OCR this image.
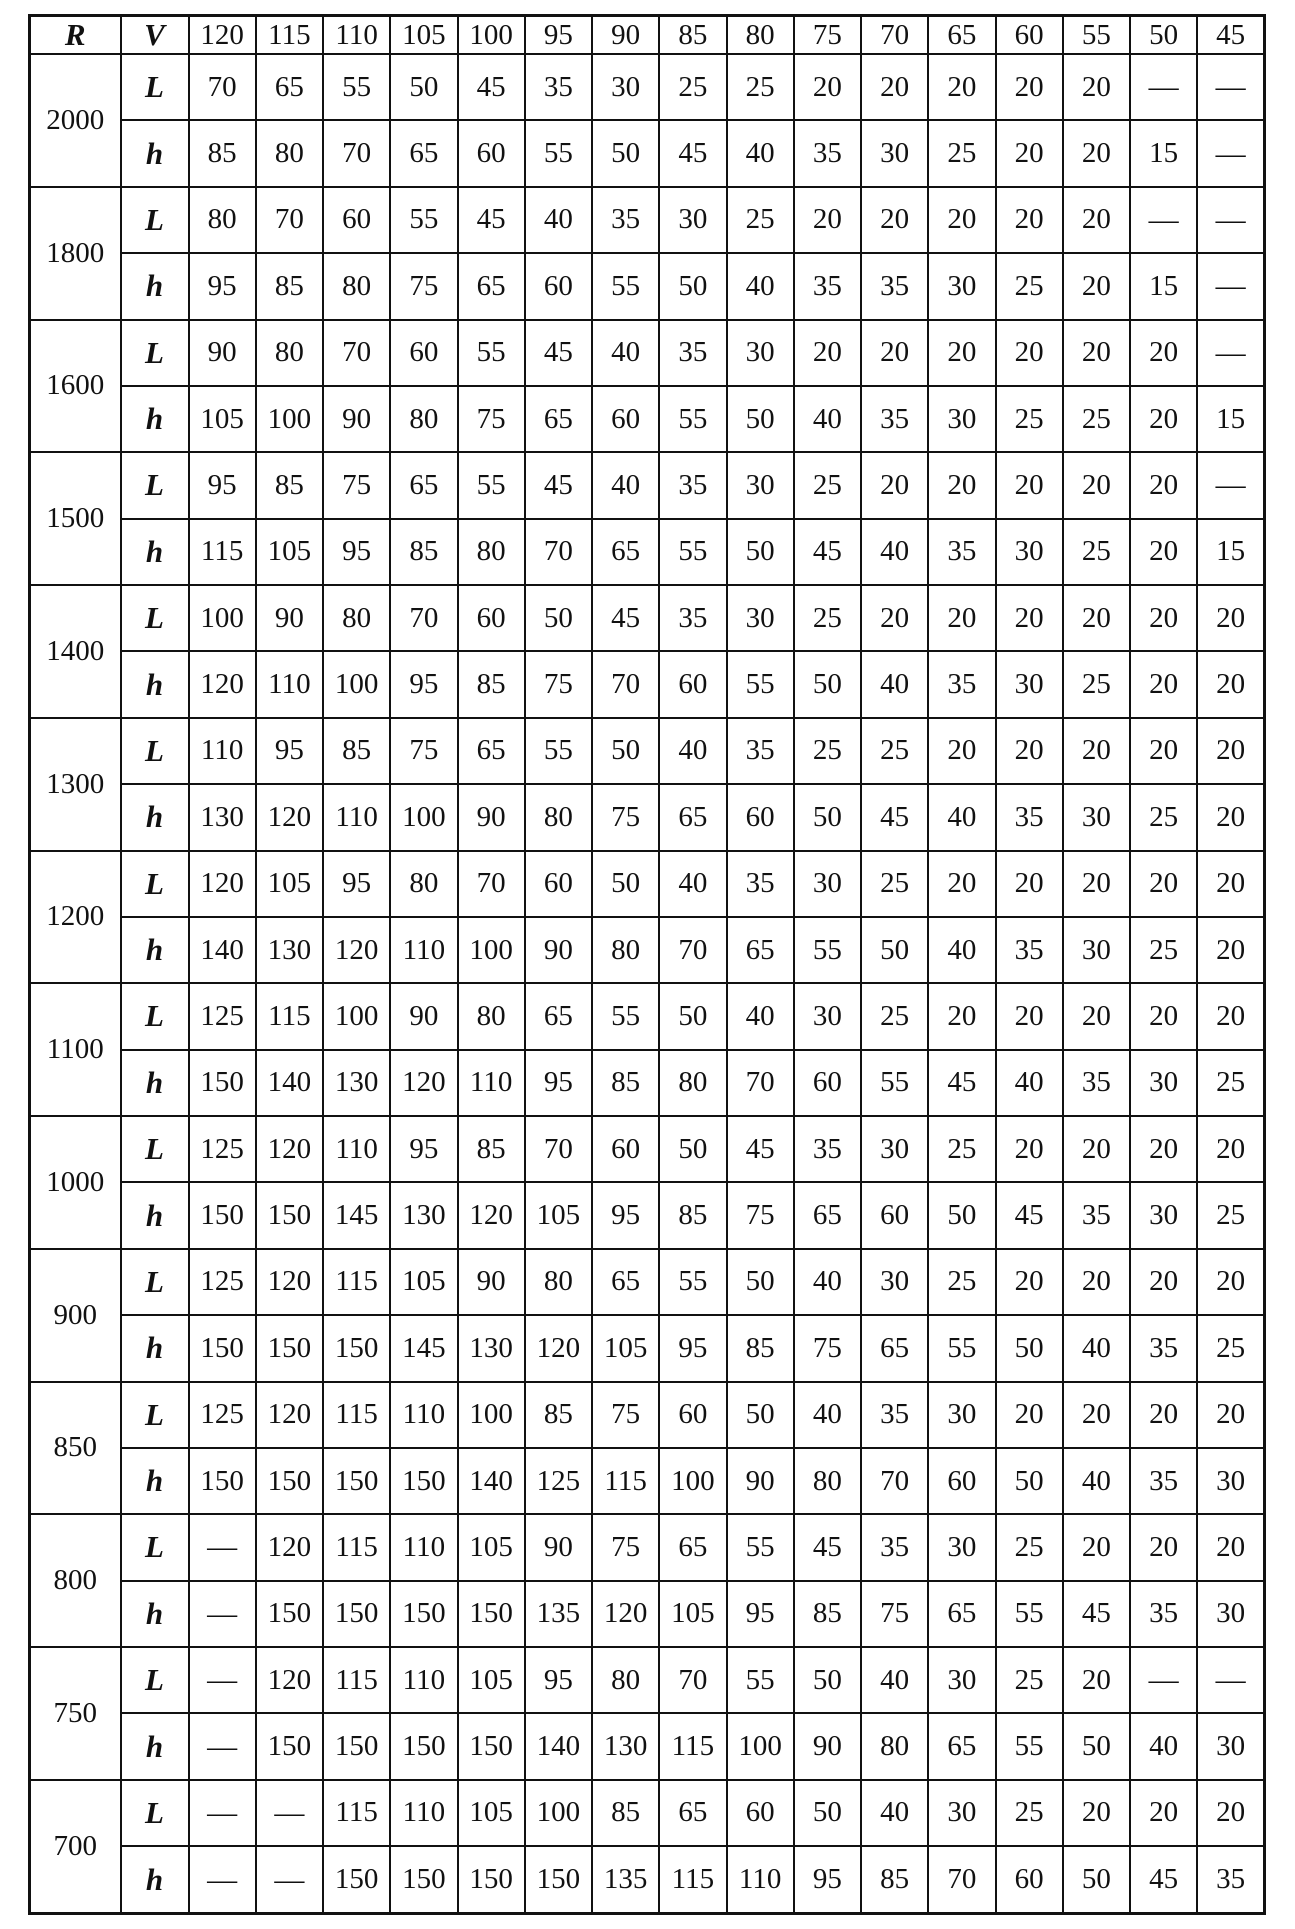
R	V	120	115	110	105	100	95	90	85	80	75	70	65	60	55	50	45
2000	L	70	65	55	50	45	35	30	25	25	20	20	20	20	20	—	—
	h	85	80	70	65	60	55	50	45	40	35	30	25	20	20	15	—
1800	L	80	70	60	55	45	40	35	30	25	20	20	20	20	20	—	—
	h	95	85	80	75	65	60	55	50	40	35	35	30	25	20	15	—
1600	L	90	80	70	60	55	45	40	35	30	20	20	20	20	20	20	—
	h	105	100	90	80	75	65	60	55	50	40	35	30	25	25	20	15
1500	L	95	85	75	65	55	45	40	35	30	25	20	20	20	20	20	—
	h	115	105	95	85	80	70	65	55	50	45	40	35	30	25	20	15
1400	L	100	90	80	70	60	50	45	35	30	25	20	20	20	20	20	20
	h	120	110	100	95	85	75	70	60	55	50	40	35	30	25	20	20
1300	L	110	95	85	75	65	55	50	40	35	25	25	20	20	20	20	20
	h	130	120	110	100	90	80	75	65	60	50	45	40	35	30	25	20
1200	L	120	105	95	80	70	60	50	40	35	30	25	20	20	20	20	20
	h	140	130	120	110	100	90	80	70	65	55	50	40	35	30	25	20
1100	L	125	115	100	90	80	65	55	50	40	30	25	20	20	20	20	20
	h	150	140	130	120	110	95	85	80	70	60	55	45	40	35	30	25
1000	L	125	120	110	95	85	70	60	50	45	35	30	25	20	20	20	20
	h	150	150	145	130	120	105	95	85	75	65	60	50	45	35	30	25
900	L	125	120	115	105	90	80	65	55	50	40	30	25	20	20	20	20
	h	150	150	150	145	130	120	105	95	85	75	65	55	50	40	35	25
850	L	125	120	115	110	100	85	75	60	50	40	35	30	20	20	20	20
	h	150	150	150	150	140	125	115	100	90	80	70	60	50	40	35	30
800	L	—	120	115	110	105	90	75	65	55	45	35	30	25	20	20	20
	h	—	150	150	150	150	135	120	105	95	85	75	65	55	45	35	30
750	L	—	120	115	110	105	95	80	70	55	50	40	30	25	20	—	—
	h	—	150	150	150	150	140	130	115	100	90	80	65	55	50	40	30
700	L	—	—	115	110	105	100	85	65	60	50	40	30	25	20	20	20
	h	—	—	150	150	150	150	135	115	110	95	85	70	60	50	45	35
